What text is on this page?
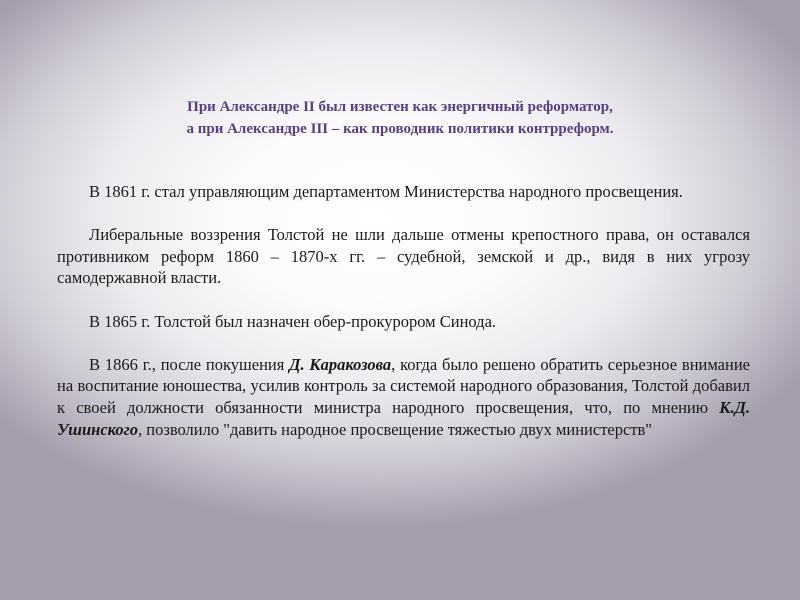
При Александре II был известен как энергичный реформатор,
а при Александре III – как проводник политики контрреформ.

В 1861 г. стал управляющим департаментом Министерства народного просвещения.

Либеральные воззрения Толстой не шли дальше отмены крепостного права, он оставался противником реформ 1860 – 1870-х гг. – судебной, земской и др., видя в них угрозу самодержавной власти.

В 1865 г. Толстой был назначен обер-прокурором Синода.

В 1866 г., после покушения Д. Каракозова, когда было решено обратить серьезное внимание на воспитание юношества, усилив контроль за системой народного образования, Толстой добавил к своей должности обязанности министра народного просвещения, что, по мнению К.Д. Ушинского, позволило "давить народное просвещение тяжестью двух министерств"
